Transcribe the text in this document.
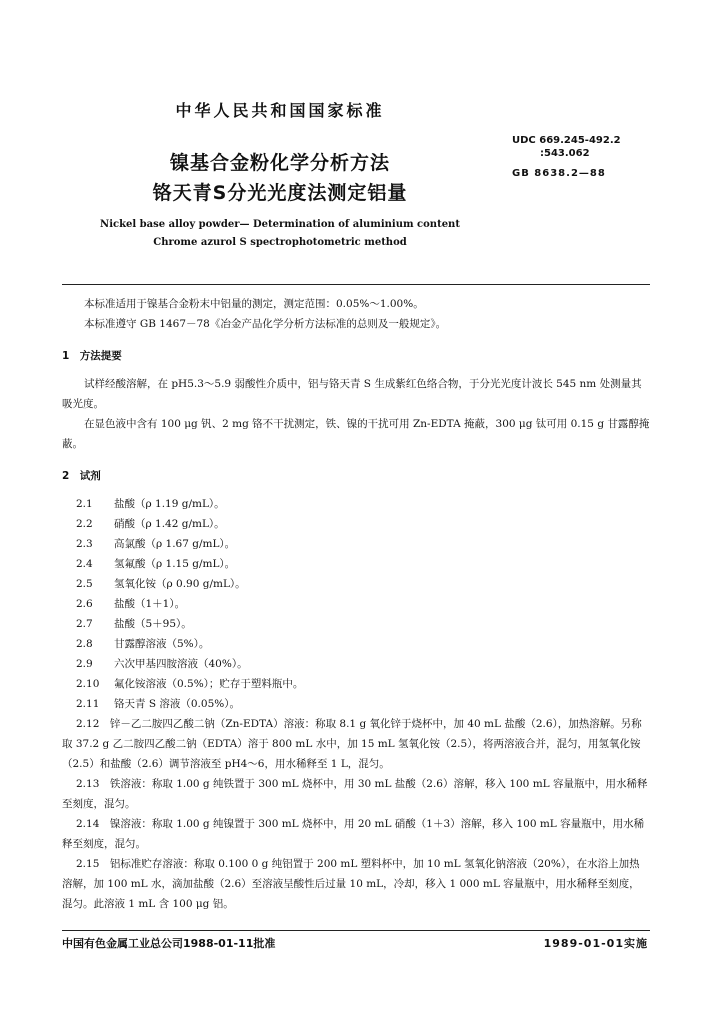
中华人民共和国国家标准
UDC 669.245-492.2
:543.062
GB 8638.2—88
镍基合金粉化学分析方法
铬天青S分光光度法测定铝量
Nickel base alloy powder— Determination of aluminium content
Chrome azurol S spectrophotometric method

本标准适用于镍基合金粉末中铝量的测定，测定范围：0.05%～1.00%。

本标准遵守 GB 1467－78《冶金产品化学分析方法标准的总则及一般规定》。

1　方法提要

试样经酸溶解，在 pH5.3～5.9 弱酸性介质中，铝与铬天青 S 生成紫红色络合物，于分光光度计波长 545 nm 处测量其吸光度。

在显色液中含有 100 μg 钒、2 mg 铬不干扰测定，铁、镍的干扰可用 Zn-EDTA 掩蔽，300 μg 钛可用 0.15 g 甘露醇掩蔽。

2　试剂

2.1 盐酸（ρ 1.19 g/mL）。

2.2 硝酸（ρ 1.42 g/mL）。

2.3 高氯酸（ρ 1.67 g/mL）。

2.4 氢氟酸（ρ 1.15 g/mL）。

2.5 氢氧化铵（ρ 0.90 g/mL）。

2.6 盐酸（1＋1）。

2.7 盐酸（5＋95）。

2.8 甘露醇溶液（5%）。

2.9 六次甲基四胺溶液（40%）。

2.10 氟化铵溶液（0.5%）；贮存于塑料瓶中。

2.11 铬天青 S 溶液（0.05%）。

2.12　锌－乙二胺四乙酸二钠（Zn-EDTA）溶液：称取 8.1 g 氧化锌于烧杯中，加 40 mL 盐酸（2.6），加热溶解。另称取 37.2 g 乙二胺四乙酸二钠（EDTA）溶于 800 mL 水中，加 15 mL 氢氧化铵（2.5），将两溶液合并，混匀，用氢氧化铵（2.5）和盐酸（2.6）调节溶液至 pH4～6，用水稀释至 1 L，混匀。

2.13　铁溶液：称取 1.00 g 纯铁置于 300 mL 烧杯中，用 30 mL 盐酸（2.6）溶解，移入 100 mL 容量瓶中，用水稀释至刻度，混匀。

2.14　镍溶液：称取 1.00 g 纯镍置于 300 mL 烧杯中，用 20 mL 硝酸（1＋3）溶解，移入 100 mL 容量瓶中，用水稀释至刻度，混匀。

2.15　铝标准贮存溶液：称取 0.100 0 g 纯铝置于 200 mL 塑料杯中，加 10 mL 氢氧化钠溶液（20%），在水浴上加热溶解，加 100 mL 水，滴加盐酸（2.6）至溶液呈酸性后过量 10 mL，冷却，移入 1 000 mL 容量瓶中，用水稀释至刻度，混匀。此溶液 1 mL 含 100 μg 铝。

中国有色金属工业总公司1988-01-11批准	1989-01-01实施
